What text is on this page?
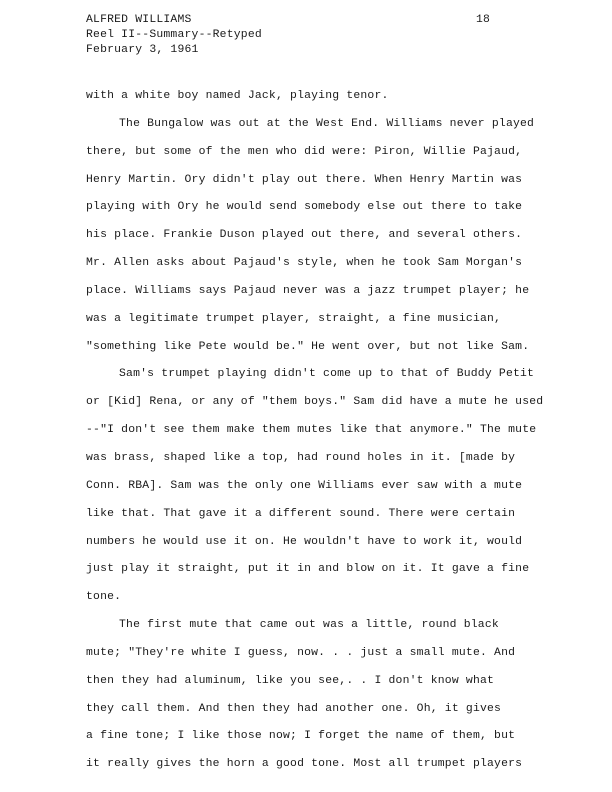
ALFRED WILLIAMS
Reel II--Summary--Retyped
February 3, 1961
18
with a white boy named Jack, playing tenor.
The Bungalow was out at the West End. Williams never played
there, but some of the men who did were: Piron, Willie Pajaud,
Henry Martin. Ory didn't play out there. When Henry Martin was
playing with Ory he would send somebody else out there to take
his place. Frankie Duson played out there, and several others.
Mr. Allen asks about Pajaud's style, when he took Sam Morgan's
place. Williams says Pajaud never was a jazz trumpet player; he
was a legitimate trumpet player, straight, a fine musician,
"something like Pete would be." He went over, but not like Sam.
Sam's trumpet playing didn't come up to that of Buddy Petit
or [Kid] Rena, or any of "them boys." Sam did have a mute he used
--"I don't see them make them mutes like that anymore." The mute
was brass, shaped like a top, had round holes in it. [made by
Conn. RBA]. Sam was the only one Williams ever saw with a mute
like that. That gave it a different sound. There were certain
numbers he would use it on. He wouldn't have to work it, would
just play it straight, put it in and blow on it. It gave a fine
tone.
The first mute that came out was a little, round black
mute; "They're white I guess, now. . . just a small mute. And
then they had aluminum, like you see,. . I don't know what
they call them. And then they had another one. Oh, it gives
a fine tone; I like those now; I forget the name of them, but
it really gives the horn a good tone. Most all trumpet players
